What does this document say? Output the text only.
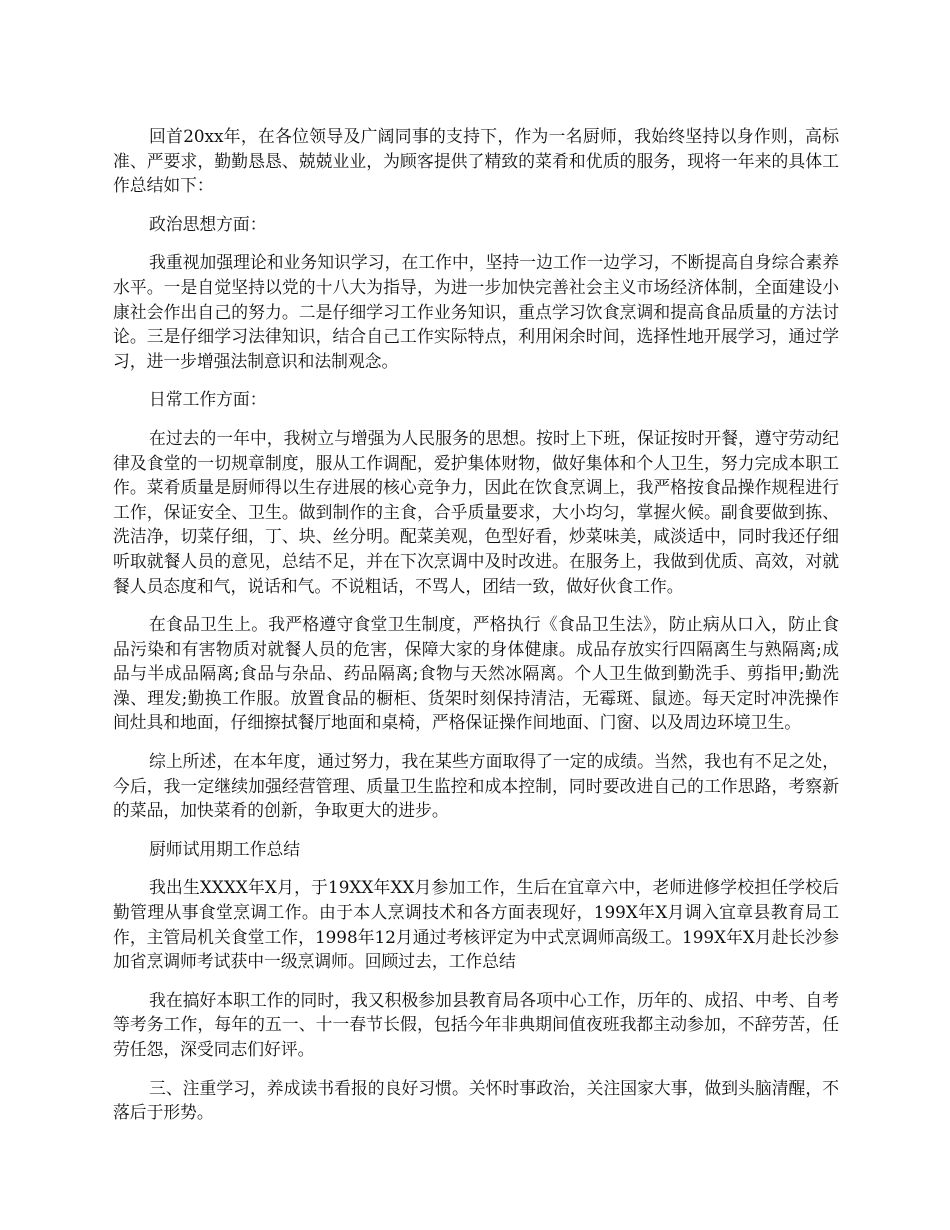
回首20xx年，在各位领导及广阔同事的支持下，作为一名厨师，我始终坚持以身作则，高标准、严要求，勤勤恳恳、兢兢业业，为顾客提供了精致的菜肴和优质的服务，现将一年来的具体工作总结如下：

政治思想方面：

我重视加强理论和业务知识学习，在工作中，坚持一边工作一边学习，不断提高自身综合素养水平。一是自觉坚持以党的十八大为指导，为进一步加快完善社会主义市场经济体制，全面建设小康社会作出自己的努力。二是仔细学习工作业务知识，重点学习饮食烹调和提高食品质量的方法讨论。三是仔细学习法律知识，结合自己工作实际特点，利用闲余时间，选择性地开展学习，通过学习，进一步增强法制意识和法制观念。

日常工作方面：

在过去的一年中，我树立与增强为人民服务的思想。按时上下班，保证按时开餐，遵守劳动纪律及食堂的一切规章制度，服从工作调配，爱护集体财物，做好集体和个人卫生，努力完成本职工作。菜肴质量是厨师得以生存进展的核心竞争力，因此在饮食烹调上，我严格按食品操作规程进行工作，保证安全、卫生。做到制作的主食，合乎质量要求，大小均匀，掌握火候。副食要做到拣、洗洁净，切菜仔细，丁、块、丝分明。配菜美观，色型好看，炒菜味美，咸淡适中，同时我还仔细听取就餐人员的意见，总结不足，并在下次烹调中及时改进。在服务上，我做到优质、高效，对就餐人员态度和气，说话和气。不说粗话，不骂人，团结一致，做好伙食工作。

在食品卫生上。我严格遵守食堂卫生制度，严格执行《食品卫生法》，防止病从口入，防止食品污染和有害物质对就餐人员的危害，保障大家的身体健康。成品存放实行四隔离生与熟隔离;成品与半成品隔离;食品与杂品、药品隔离;食物与天然冰隔离。个人卫生做到勤洗手、剪指甲;勤洗澡、理发;勤换工作服。放置食品的橱柜、货架时刻保持清洁，无霉斑、鼠迹。每天定时冲洗操作间灶具和地面，仔细擦拭餐厅地面和桌椅，严格保证操作间地面、门窗、以及周边环境卫生。

综上所述，在本年度，通过努力，我在某些方面取得了一定的成绩。当然，我也有不足之处，今后，我一定继续加强经营管理、质量卫生监控和成本控制，同时要改进自己的工作思路，考察新的菜品，加快菜肴的创新，争取更大的进步。

厨师试用期工作总结

我出生XXXX年X月，于19XX年XX月参加工作，生后在宜章六中，老师进修学校担任学校后勤管理从事食堂烹调工作。由于本人烹调技术和各方面表现好，199X年X月调入宜章县教育局工作，主管局机关食堂工作，1998年12月通过考核评定为中式烹调师高级工。199X年X月赴长沙参加省烹调师考试获中一级烹调师。回顾过去，工作总结

我在搞好本职工作的同时，我又积极参加县教育局各项中心工作，历年的、成招、中考、自考等考务工作，每年的五一、十一春节长假，包括今年非典期间值夜班我都主动参加，不辞劳苦，任劳任怨，深受同志们好评。

三、注重学习，养成读书看报的良好习惯。关怀时事政治，关注国家大事，做到头脑清醒，不落后于形势。
